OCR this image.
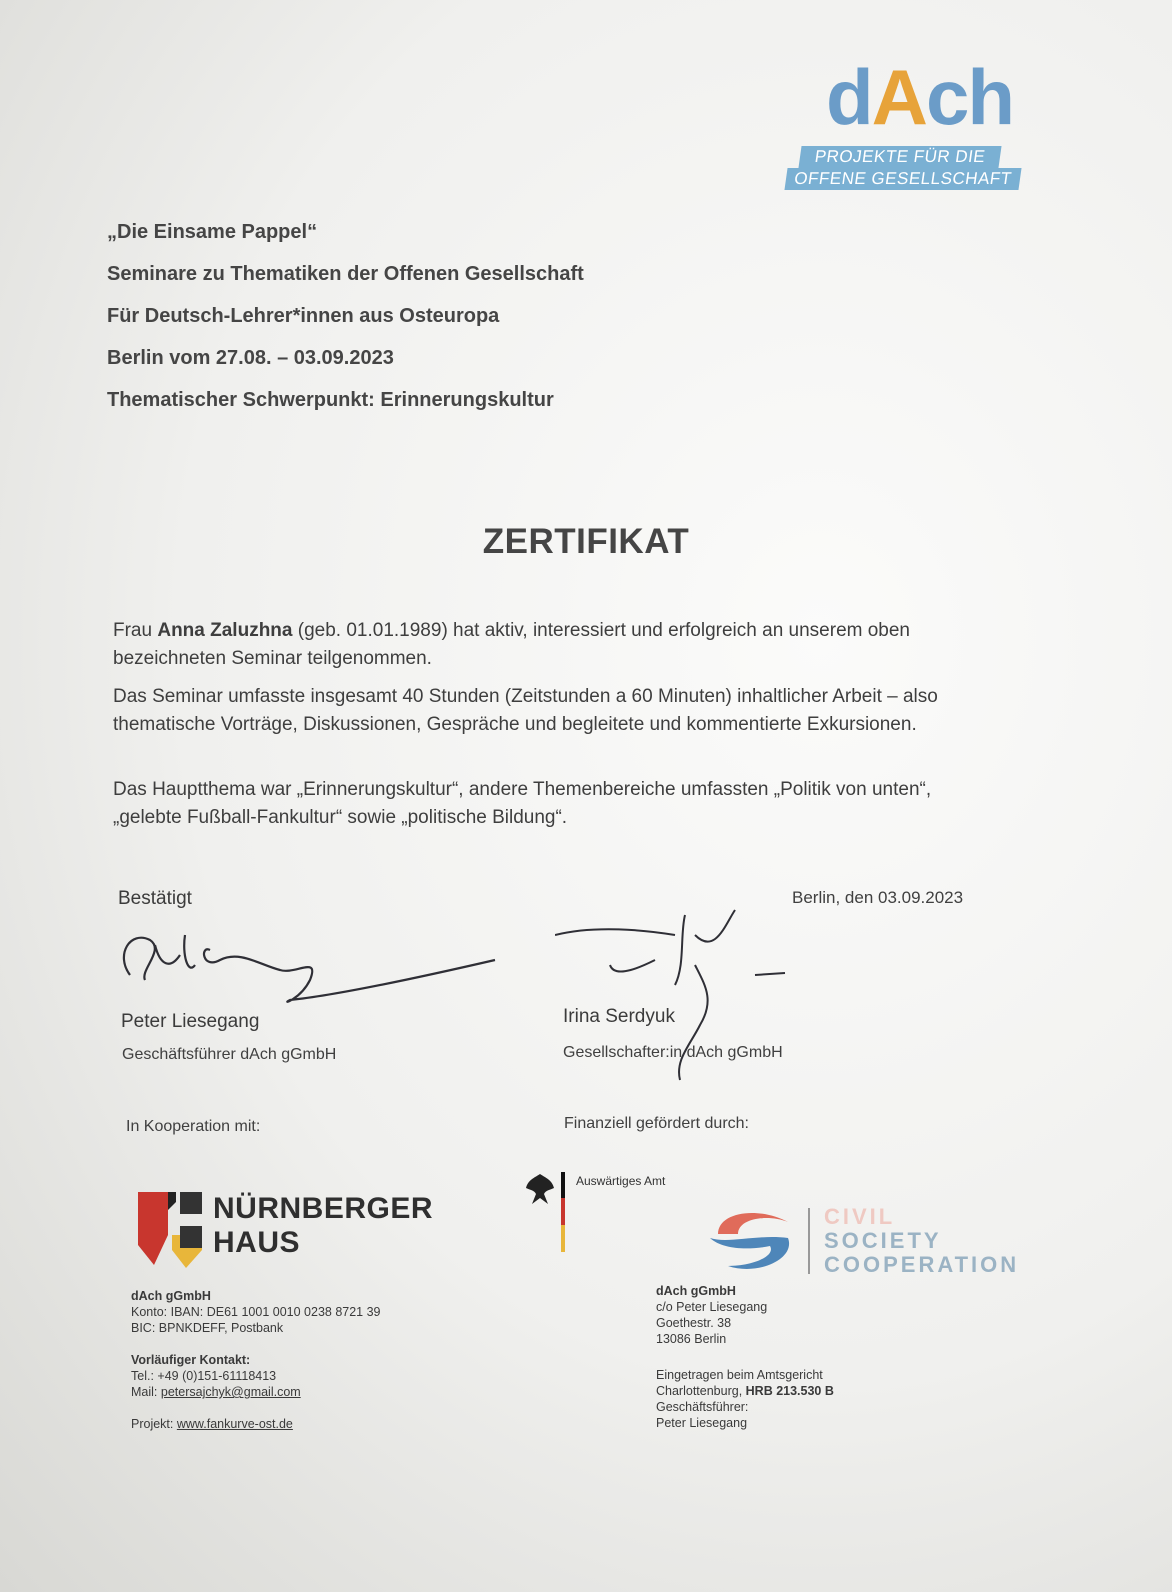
dAch
PROJEKTE FÜR DIE
OFFENE GESELLSCHAFT
„Die Einsame Pappel“
Seminare zu Thematiken der Offenen Gesellschaft
Für Deutsch-Lehrer*innen aus Osteuropa
Berlin vom 27.08. – 03.09.2023
Thematischer Schwerpunkt: Erinnerungskultur
ZERTIFIKAT
Frau Anna Zaluzhna (geb. 01.01.1989) hat aktiv, interessiert und erfolgreich an unserem oben bezeichneten Seminar teilgenommen.
Das Seminar umfasste insgesamt 40 Stunden (Zeitstunden a 60 Minuten) inhaltlicher Arbeit – also thematische Vorträge, Diskussionen, Gespräche und begleitete und kommentierte Exkursionen.
Das Hauptthema war „Erinnerungskultur“, andere Themenbereiche umfassten „Politik von unten“, „gelebte Fußball-Fankultur“ sowie „politische Bildung“.
Bestätigt	Berlin, den 03.09.2023
Peter Liesegang
Geschäftsführer dAch gGmbH
Irina Serdyuk
Gesellschafter:in dAch gGmbH
In Kooperation mit:	Finanziell gefördert durch:
NÜRNBERGER
HAUS
Auswärtiges Amt
CIVIL
SOCIETY
COOPERATION
dAch gGmbH
Konto: IBAN: DE61 1001 0010 0238 8721 39
BIC: BPNKDEFF, Postbank
Vorläufiger Kontakt:
Tel.: +49 (0)151-61118413
Mail: petersajchyk@gmail.com
Projekt: www.fankurve-ost.de
dAch gGmbH
c/o Peter Liesegang
Goethestr. 38
13086 Berlin
Eingetragen beim Amtsgericht
Charlottenburg, HRB 213.530 B
Geschäftsführer:
Peter Liesegang
